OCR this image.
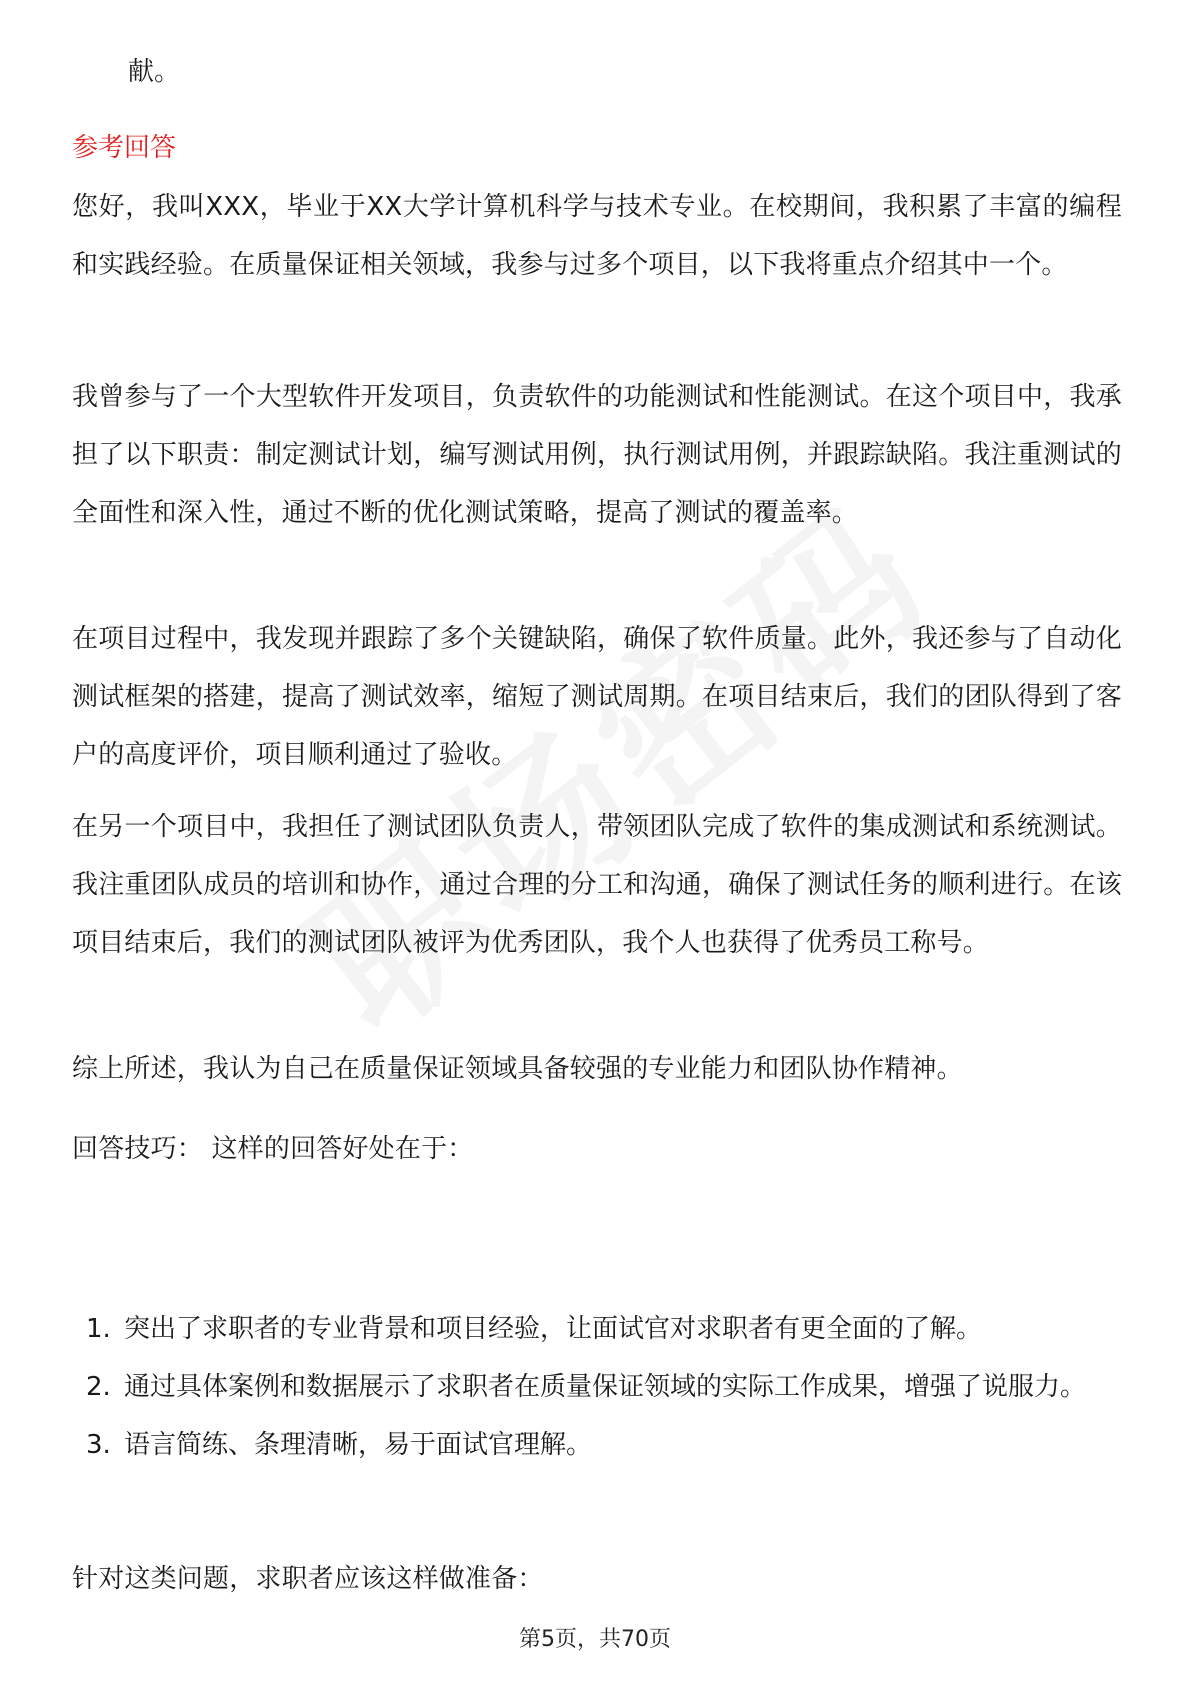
献。
参考回答

您好，我叫XXX，毕业于XX大学计算机科学与技术专业。在校期间，我积累了丰富的编程和实践经验。在质量保证相关领域，我参与过多个项目，以下我将重点介绍其中一个。

我曾参与了一个大型软件开发项目，负责软件的功能测试和性能测试。在这个项目中，我承担了以下职责：制定测试计划，编写测试用例，执行测试用例，并跟踪缺陷。我注重测试的全面性和深入性，通过不断的优化测试策略，提高了测试的覆盖率。

在项目过程中，我发现并跟踪了多个关键缺陷，确保了软件质量。此外，我还参与了自动化测试框架的搭建，提高了测试效率，缩短了测试周期。在项目结束后，我们的团队得到了客户的高度评价，项目顺利通过了验收。

在另一个项目中，我担任了测试团队负责人，带领团队完成了软件的集成测试和系统测试。我注重团队成员的培训和协作，通过合理的分工和沟通，确保了测试任务的顺利进行。在该项目结束后，我们的测试团队被评为优秀团队，我个人也获得了优秀员工称号。

综上所述，我认为自己在质量保证领域具备较强的专业能力和团队协作精神。

回答技巧： 这样的回答好处在于：

1. 突出了求职者的专业背景和项目经验，让面试官对求职者有更全面的了解。
2. 通过具体案例和数据展示了求职者在质量保证领域的实际工作成果，增强了说服力。
3. 语言简练、条理清晰，易于面试官理解。

针对这类问题，求职者应该这样做准备：

第5页，共70页
